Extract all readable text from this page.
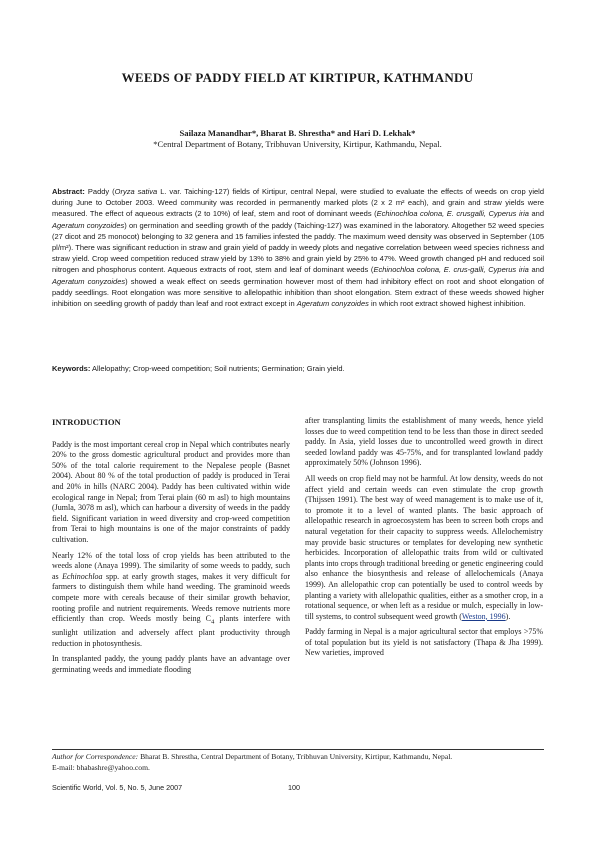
WEEDS OF PADDY FIELD AT KIRTIPUR, KATHMANDU

Sailaza Manandhar*, Bharat B. Shrestha* and Hari D. Lekhak*

*Central Department of Botany, Tribhuvan University, Kirtipur, Kathmandu, Nepal.

Abstract: Paddy (Oryza sativa L. var. Taiching-127) fields of Kirtipur, central Nepal, were studied to evaluate the effects of weeds on crop yield during June to October 2003. Weed community was recorded in permanently marked plots (2 x 2 m² each), and grain and straw yields were measured. The effect of aqueous extracts (2 to 10%) of leaf, stem and root of dominant weeds (Echinochloa colona, E. crusgalli, Cyperus iria and Ageratum conyzoides) on germination and seedling growth of the paddy (Taiching-127) was examined in the laboratory. Altogether 52 weed species (27 dicot and 25 monocot) belonging to 32 genera and 15 families infested the paddy. The maximum weed density was observed in September (105 pl/m²). There was significant reduction in straw and grain yield of paddy in weedy plots and negative correlation between weed species richness and straw yield. Crop weed competition reduced straw yield by 13% to 38% and grain yield by 25% to 47%. Weed growth changed pH and reduced soil nitrogen and phosphorus content. Aqueous extracts of root, stem and leaf of dominant weeds (Echinochloa colona, E. crus-galli, Cyperus iria and Ageratum conyzoides) showed a weak effect on seeds germination however most of them had inhibitory effect on root and shoot elongation of paddy seedlings. Root elongation was more sensitive to allelopathic inhibition than shoot elongation. Stem extract of these weeds showed higher inhibition on seedling growth of paddy than leaf and root extract except in Ageratum conyzoides in which root extract showed highest inhibition.

Keywords: Allelopathy; Crop-weed competition; Soil nutrients; Germination; Grain yield.

INTRODUCTION

Paddy is the most important cereal crop in Nepal which contributes nearly 20% to the gross domestic agricultural product and provides more than 50% of the total calorie requirement to the Nepalese people (Basnet 2004). About 80 % of the total production of paddy is produced in Terai and 20% in hills (NARC 2004). Paddy has been cultivated within wide ecological range in Nepal; from Terai plain (60 m asl) to high mountains (Jumla, 3078 m asl), which can harbour a diversity of weeds in the paddy field. Significant variation in weed diversity and crop-weed competition from Terai to high mountains is one of the major constraints of paddy cultivation.

Nearly 12% of the total loss of crop yields has been attributed to the weeds alone (Anaya 1999). The similarity of some weeds to paddy, such as Echinochloa spp. at early growth stages, makes it very difficult for farmers to distinguish them while hand weeding. The graminoid weeds compete more with cereals because of their similar growth behavior, rooting profile and nutrient requirements. Weeds remove nutrients more efficiently than crop. Weeds mostly being $C_4$ plants interfere with sunlight utilization and adversely affect plant productivity through reduction in photosynthesis.

In transplanted paddy, the young paddy plants have an advantage over germinating weeds and immediate flooding

after transplanting limits the establishment of many weeds, hence yield losses due to weed competition tend to be less than those in direct seeded paddy. In Asia, yield losses due to uncontrolled weed growth in direct seeded lowland paddy was 45-75%, and for transplanted lowland paddy approximately 50% (Johnson 1996).

All weeds on crop field may not be harmful. At low density, weeds do not affect yield and certain weeds can even stimulate the crop growth (Thijssen 1991). The best way of weed management is to make use of it, to promote it to a level of wanted plants. The basic approach of allelopathic research in agroecosystem has been to screen both crops and natural vegetation for their capacity to suppress weeds. Allelochemistry may provide basic structures or templates for developing new synthetic herbicides. Incorporation of allelopathic traits from wild or cultivated plants into crops through traditional breeding or genetic engineering could also enhance the biosynthesis and release of allelochemicals (Anaya 1999). An allelopathic crop can potentially be used to control weeds by planting a variety with allelopathic qualities, either as a smother crop, in a rotational sequence, or when left as a residue or mulch, especially in low-till systems, to control subsequent weed growth (Weston, 1996).

Paddy farming in Nepal is a major agricultural sector that employs >75% of total population but its yield is not satisfactory (Thapa & Jha 1999). New varieties, improved

Author for Correspondence: Bharat B. Shrestha, Central Department of Botany, Tribhuvan University, Kirtipur, Kathmandu, Nepal.

E-mail: bhabashre@yahoo.com.

Scientific World, Vol. 5, No. 5, June 2007	100
